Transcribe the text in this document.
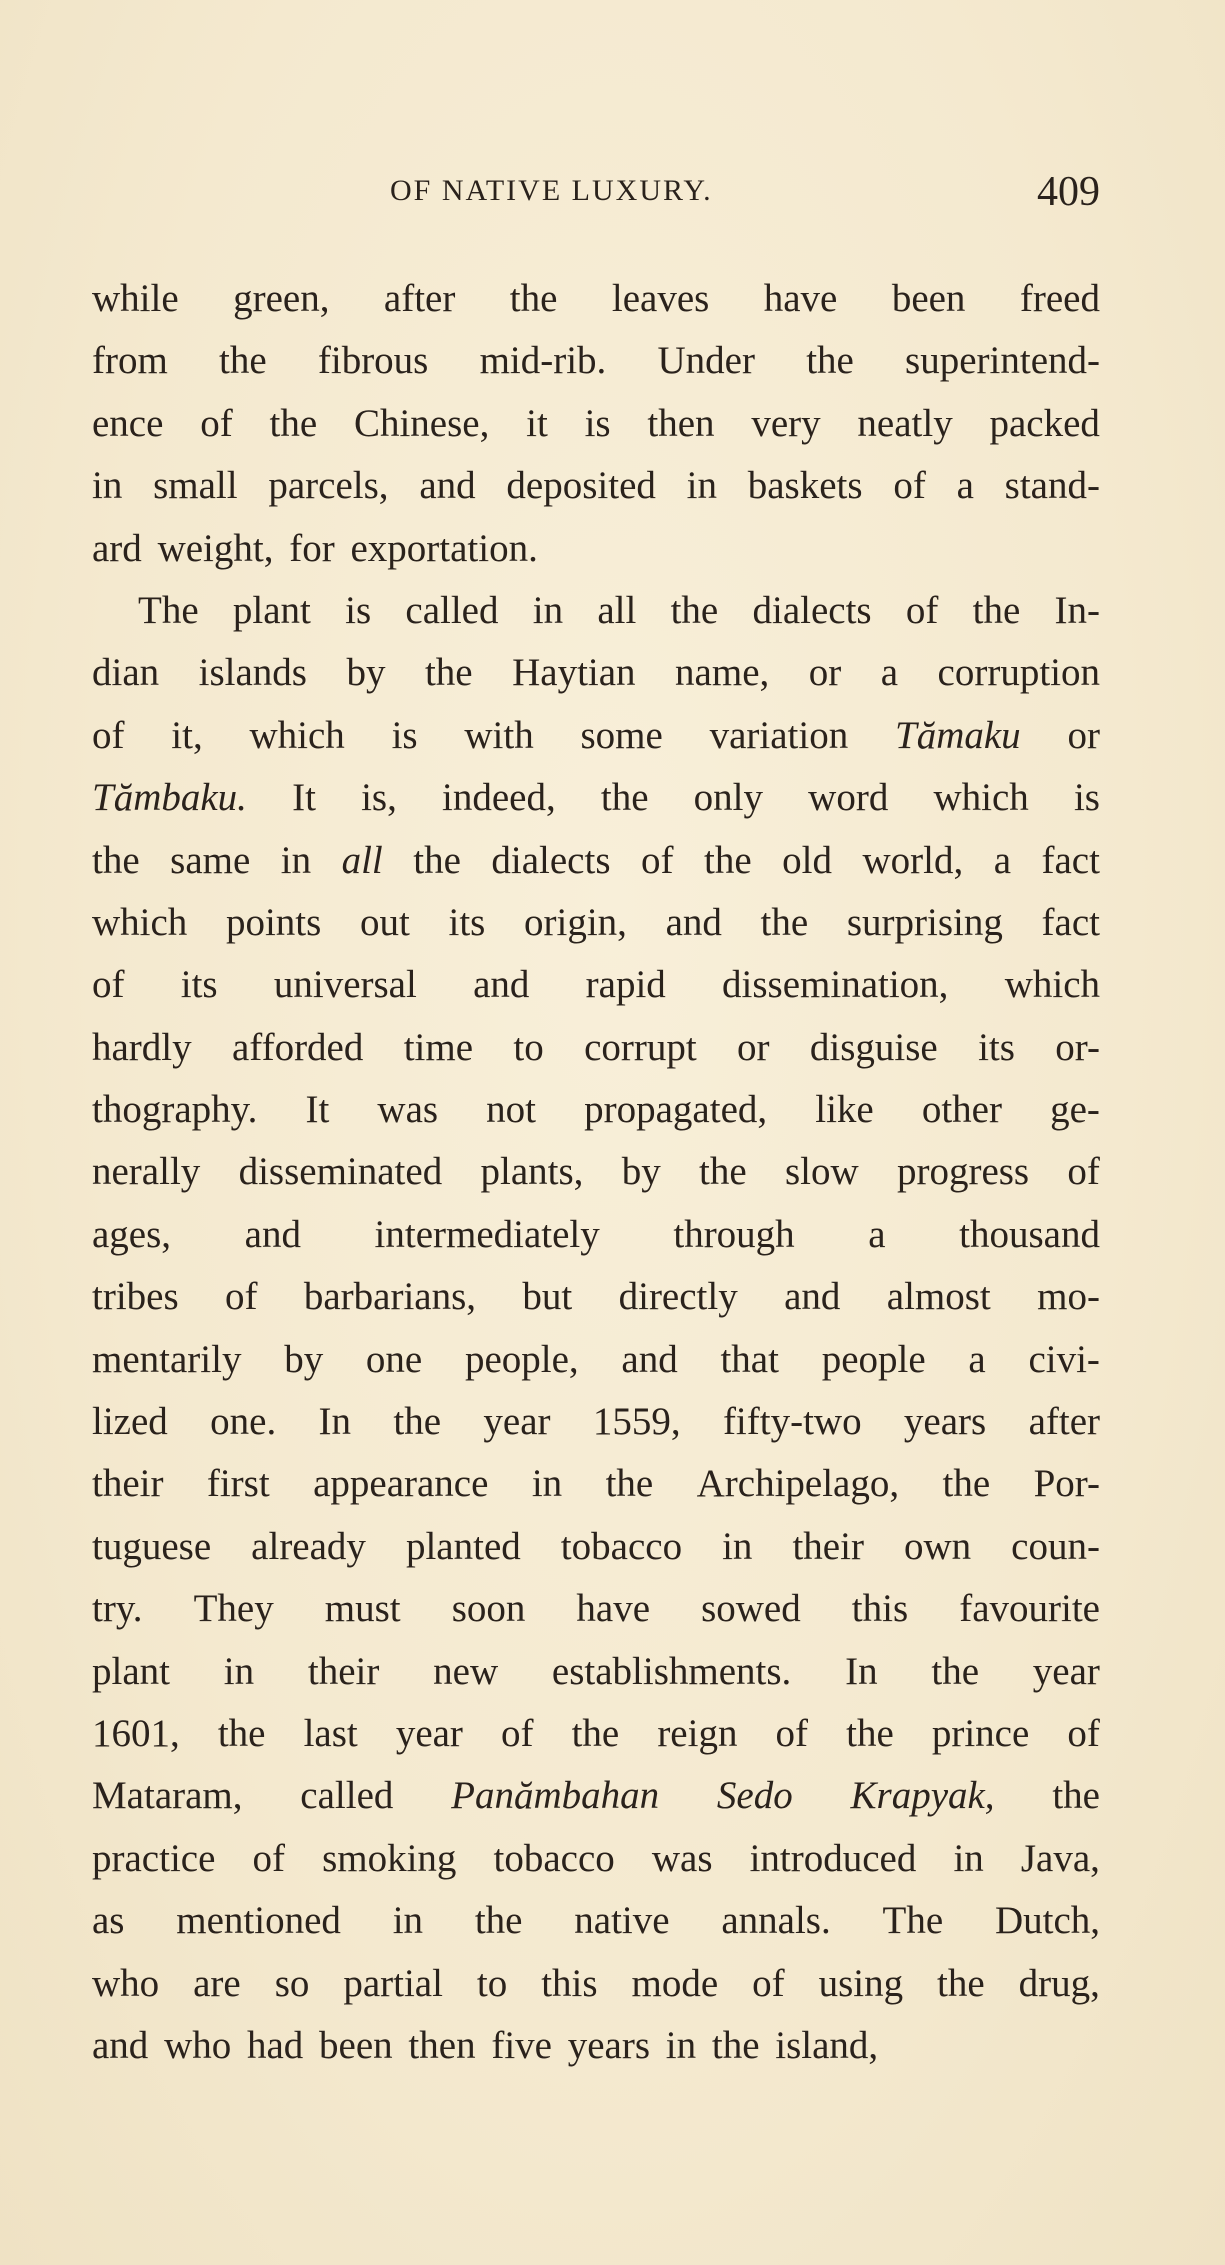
OF NATIVE LUXURY.	409
while green, after the leaves have been freed
from the fibrous mid-rib. Under the superintend-
ence of the Chinese, it is then very neatly packed
in small parcels, and deposited in baskets of a stand-
ard
weight,
for
exportation.
The plant is called in all the dialects of the In-
dian islands by the Haytian name, or a corruption
of it, which is with some variation Tămaku or
Tămbaku. It is, indeed, the only word which is
the same in all the dialects of the old world, a fact
which points out its origin, and the surprising fact
of its universal and rapid dissemination, which
hardly afforded time to corrupt or disguise its or-
thography. It was not propagated, like other ge-
nerally disseminated plants, by the slow progress of
ages, and intermediately through a thousand
tribes of barbarians, but directly and almost mo-
mentarily by one people, and that people a civi-
lized one. In the year 1559, fifty-two years after
their first appearance in the Archipelago, the Por-
tuguese already planted tobacco in their own coun-
try. They must soon have sowed this favourite
plant in their new establishments. In the year
1601, the last year of the reign of the prince of
Mataram, called Panămbahan Sedo Krapyak, the
practice of smoking tobacco was introduced in Java,
as mentioned in the native annals. The Dutch,
who are so partial to this mode of using the drug,
and
who
had
been
then
five
years
in
the
island,
